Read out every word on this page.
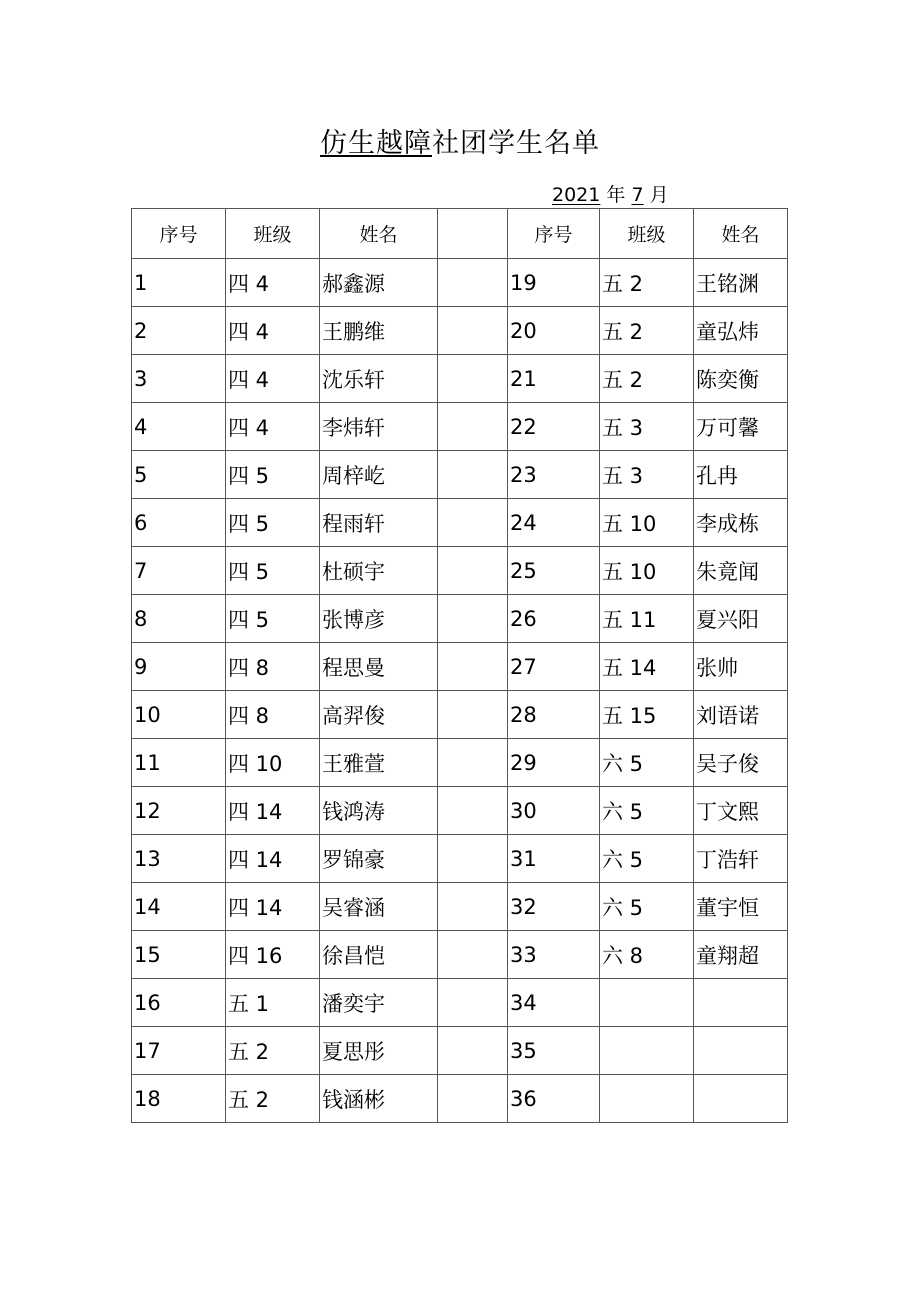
仿生越障社团学生名单
2021 年 7 月
序号	班级	姓名		序号	班级	姓名
1	四 4	郝鑫源		19	五 2	王铭渊
2	四 4	王鹏维		20	五 2	童弘炜
3	四 4	沈乐轩		21	五 2	陈奕衡
4	四 4	李炜轩		22	五 3	万可馨
5	四 5	周梓屹		23	五 3	孔冉
6	四 5	程雨轩		24	五 10	李成栋
7	四 5	杜硕宇		25	五 10	朱竟闻
8	四 5	张博彦		26	五 11	夏兴阳
9	四 8	程思曼		27	五 14	张帅
10	四 8	高羿俊		28	五 15	刘语诺
11	四 10	王雅萱		29	六 5	吴子俊
12	四 14	钱鸿涛		30	六 5	丁文熙
13	四 14	罗锦豪		31	六 5	丁浩轩
14	四 14	吴睿涵		32	六 5	董宇恒
15	四 16	徐昌恺		33	六 8	童翔超
16	五 1	潘奕宇		34		
17	五 2	夏思彤		35		
18	五 2	钱涵彬		36		
